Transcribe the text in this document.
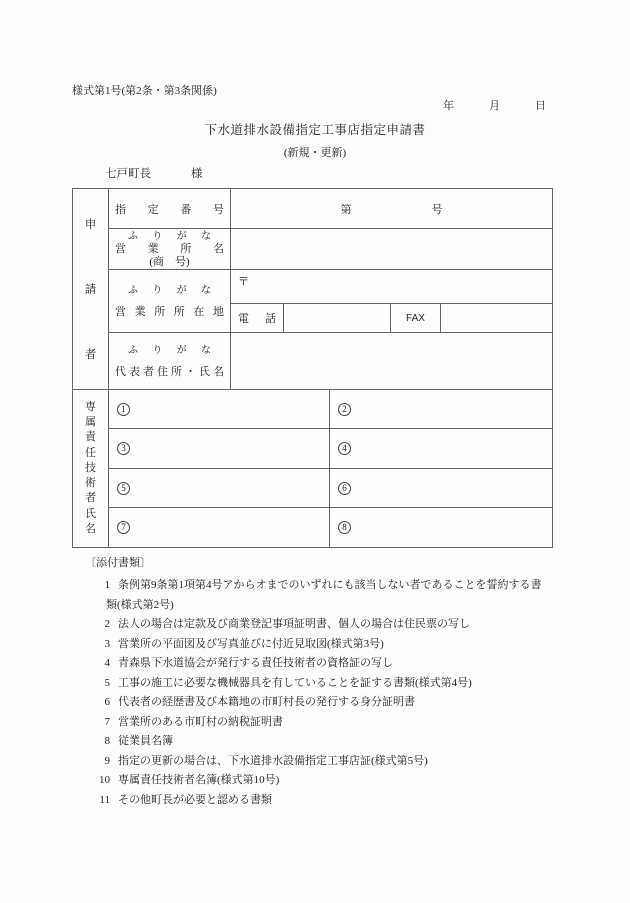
様式第1号(第2条・第3条関係)
年	月	日
下水道排水設備指定工事店指定申請書
(新規・更新)
七戸町長	様
申
請
者	指 定 番 号	第 号			

ふ り が な
営 業 所 名
(商　号)

ふ り が な
営 業 所 所 在 地
	〒

		電 話		FAX	

ふ り が な
代 表 者 住 所 ・ 氏 名

専属責任技術者氏名	1	2
	3	4
	5	6
	7	8
〔添付書類〕
1 条例第9条第1項第4号アからオまでのいずれにも該当しない者であることを誓約する書類(様式第2号)
2 法人の場合は定款及び商業登記事項証明書、個人の場合は住民票の写し
3 営業所の平面図及び写真並びに付近見取図(様式第3号)
4 青森県下水道協会が発行する責任技術者の資格証の写し
5 工事の施工に必要な機械器具を有していることを証する書類(様式第4号)
6 代表者の経歴書及び本籍地の市町村長の発行する身分証明書
7 営業所のある市町村の納税証明書
8 従業員名簿
9 指定の更新の場合は、下水道排水設備指定工事店証(様式第5号)
10 専属責任技術者名簿(様式第10号)
11 その他町長が必要と認める書類
